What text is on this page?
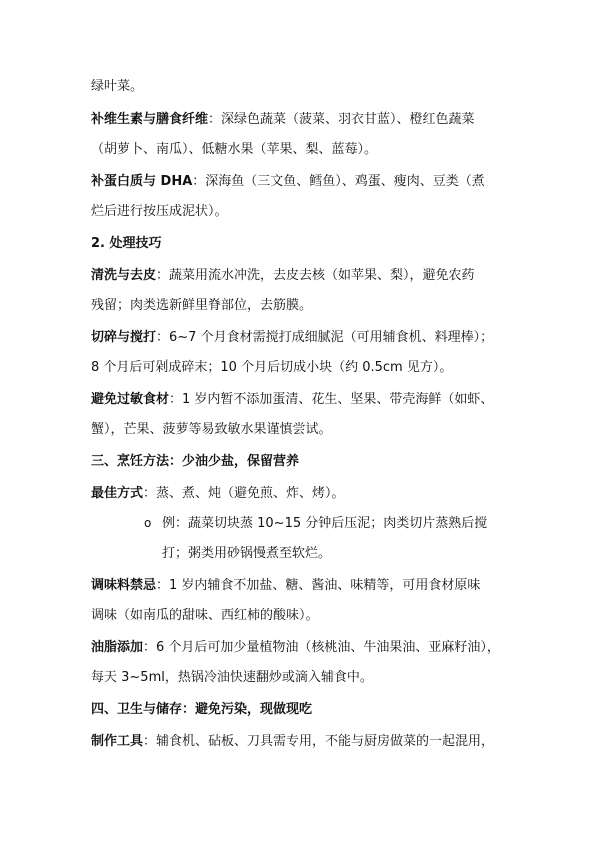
绿叶菜。
补维生素与膳食纤维：深绿色蔬菜（菠菜、羽衣甘蓝）、橙红色蔬菜
（胡萝卜、南瓜）、低糖水果（苹果、梨、蓝莓）。
补蛋白质与 DHA：深海鱼（三文鱼、鳕鱼）、鸡蛋、瘦肉、豆类（煮
烂后进行按压成泥状）。
2. 处理技巧
清洗与去皮：蔬菜用流水冲洗，去皮去核（如苹果、梨），避免农药
残留；肉类选新鲜里脊部位，去筋膜。
切碎与搅打：6~7 个月食材需搅打成细腻泥（可用辅食机、料理棒）；
8 个月后可剁成碎末；10 个月后切成小块（约 0.5cm 见方）。
避免过敏食材：1 岁内暂不添加蛋清、花生、坚果、带壳海鲜（如虾、
蟹），芒果、菠萝等易致敏水果谨慎尝试。
三、烹饪方法：少油少盐，保留营养
最佳方式：蒸、煮、炖（避免煎、炸、烤）。
o 例：蔬菜切块蒸 10~15 分钟后压泥；肉类切片蒸熟后搅
打；粥类用砂锅慢煮至软烂。
调味料禁忌：1 岁内辅食不加盐、糖、酱油、味精等，可用食材原味
调味（如南瓜的甜味、西红柿的酸味）。
油脂添加：6 个月后可加少量植物油（核桃油、牛油果油、亚麻籽油），
每天 3~5ml，热锅冷油快速翻炒或滴入辅食中。
四、卫生与储存：避免污染，现做现吃
制作工具：辅食机、砧板、刀具需专用，不能与厨房做菜的一起混用，
